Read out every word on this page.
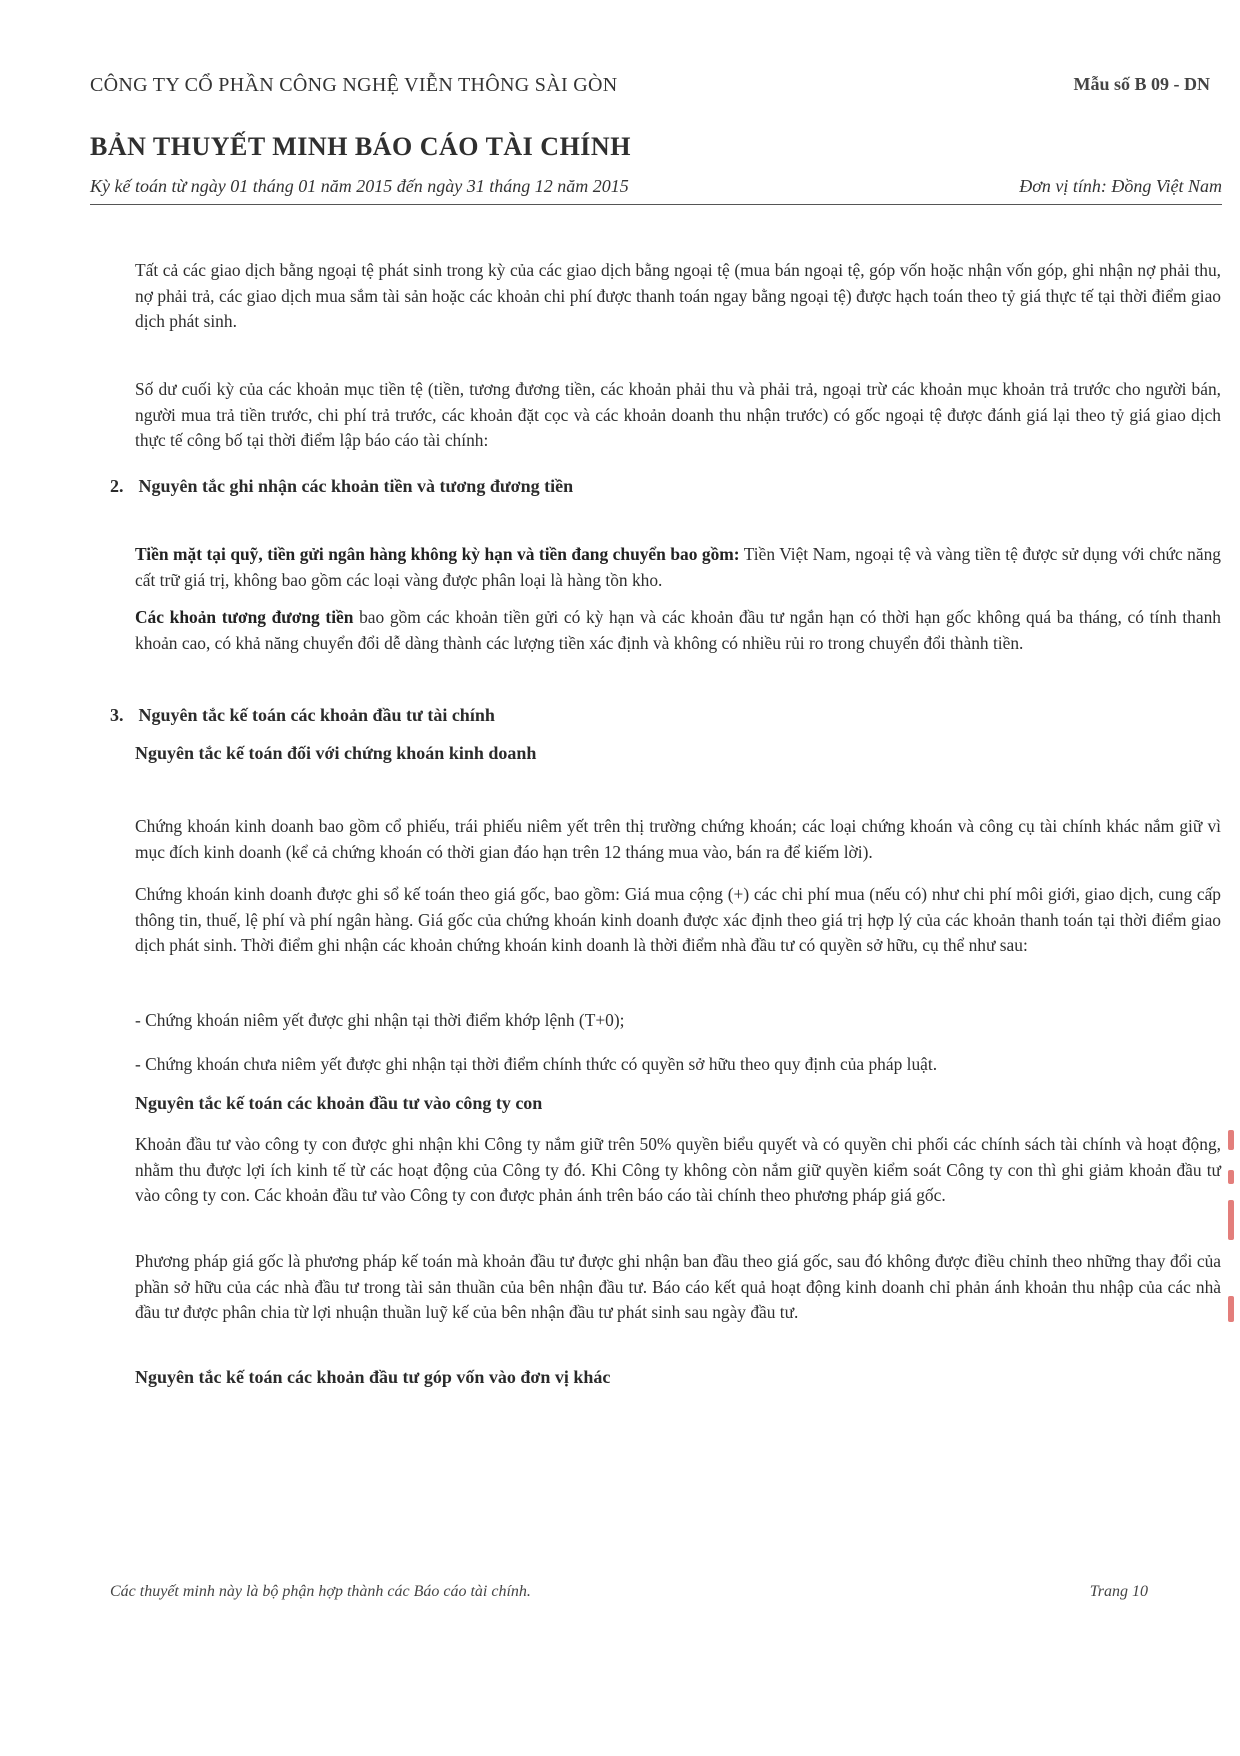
CÔNG TY CỔ PHẦN CÔNG NGHỆ VIỄN THÔNG SÀI GÒN	Mẫu số B 09 - DN
BẢN THUYẾT MINH BÁO CÁO TÀI CHÍNH
Kỳ kế toán từ ngày 01 tháng 01 năm 2015 đến ngày 31 tháng 12 năm 2015	Đơn vị tính: Đồng Việt Nam
Tất cả các giao dịch bằng ngoại tệ phát sinh trong kỳ của các giao dịch bằng ngoại tệ (mua bán ngoại tệ, góp vốn hoặc nhận vốn góp, ghi nhận nợ phải thu, nợ phải trả, các giao dịch mua sắm tài sản hoặc các khoản chi phí được thanh toán ngay bằng ngoại tệ) được hạch toán theo tỷ giá thực tế tại thời điểm giao dịch phát sinh.
Số dư cuối kỳ của các khoản mục tiền tệ (tiền, tương đương tiền, các khoản phải thu và phải trả, ngoại trừ các khoản mục khoản trả trước cho người bán, người mua trả tiền trước, chi phí trả trước, các khoản đặt cọc và các khoản doanh thu nhận trước) có gốc ngoại tệ được đánh giá lại theo tỷ giá giao dịch thực tế công bố tại thời điểm lập báo cáo tài chính:
2. Nguyên tắc ghi nhận các khoản tiền và tương đương tiền
Tiền mặt tại quỹ, tiền gửi ngân hàng không kỳ hạn và tiền đang chuyển bao gồm: Tiền Việt Nam, ngoại tệ và vàng tiền tệ được sử dụng với chức năng cất trữ giá trị, không bao gồm các loại vàng được phân loại là hàng tồn kho.
Các khoản tương đương tiền bao gồm các khoản tiền gửi có kỳ hạn và các khoản đầu tư ngắn hạn có thời hạn gốc không quá ba tháng, có tính thanh khoản cao, có khả năng chuyển đổi dễ dàng thành các lượng tiền xác định và không có nhiều rủi ro trong chuyển đổi thành tiền.
3. Nguyên tắc kế toán các khoản đầu tư tài chính
Nguyên tắc kế toán đối với chứng khoán kinh doanh
Chứng khoán kinh doanh bao gồm cổ phiếu, trái phiếu niêm yết trên thị trường chứng khoán; các loại chứng khoán và công cụ tài chính khác nắm giữ vì mục đích kinh doanh (kể cả chứng khoán có thời gian đáo hạn trên 12 tháng mua vào, bán ra để kiếm lời).
Chứng khoán kinh doanh được ghi sổ kế toán theo giá gốc, bao gồm: Giá mua cộng (+) các chi phí mua (nếu có) như chi phí môi giới, giao dịch, cung cấp thông tin, thuế, lệ phí và phí ngân hàng. Giá gốc của chứng khoán kinh doanh được xác định theo giá trị hợp lý của các khoản thanh toán tại thời điểm giao dịch phát sinh. Thời điểm ghi nhận các khoản chứng khoán kinh doanh là thời điểm nhà đầu tư có quyền sở hữu, cụ thể như sau:
- Chứng khoán niêm yết được ghi nhận tại thời điểm khớp lệnh (T+0);
- Chứng khoán chưa niêm yết được ghi nhận tại thời điểm chính thức có quyền sở hữu theo quy định của pháp luật.
Nguyên tắc kế toán các khoản đầu tư vào công ty con
Khoản đầu tư vào công ty con được ghi nhận khi Công ty nắm giữ trên 50% quyền biểu quyết và có quyền chi phối các chính sách tài chính và hoạt động, nhằm thu được lợi ích kinh tế từ các hoạt động của Công ty đó. Khi Công ty không còn nắm giữ quyền kiểm soát Công ty con thì ghi giảm khoản đầu tư vào công ty con. Các khoản đầu tư vào Công ty con được phản ánh trên báo cáo tài chính theo phương pháp giá gốc.
Phương pháp giá gốc là phương pháp kế toán mà khoản đầu tư được ghi nhận ban đầu theo giá gốc, sau đó không được điều chỉnh theo những thay đổi của phần sở hữu của các nhà đầu tư trong tài sản thuần của bên nhận đầu tư. Báo cáo kết quả hoạt động kinh doanh chỉ phản ánh khoản thu nhập của các nhà đầu tư được phân chia từ lợi nhuận thuần luỹ kế của bên nhận đầu tư phát sinh sau ngày đầu tư.
Nguyên tắc kế toán các khoản đầu tư góp vốn vào đơn vị khác
Các thuyết minh này là bộ phận hợp thành các Báo cáo tài chính.	Trang 10
